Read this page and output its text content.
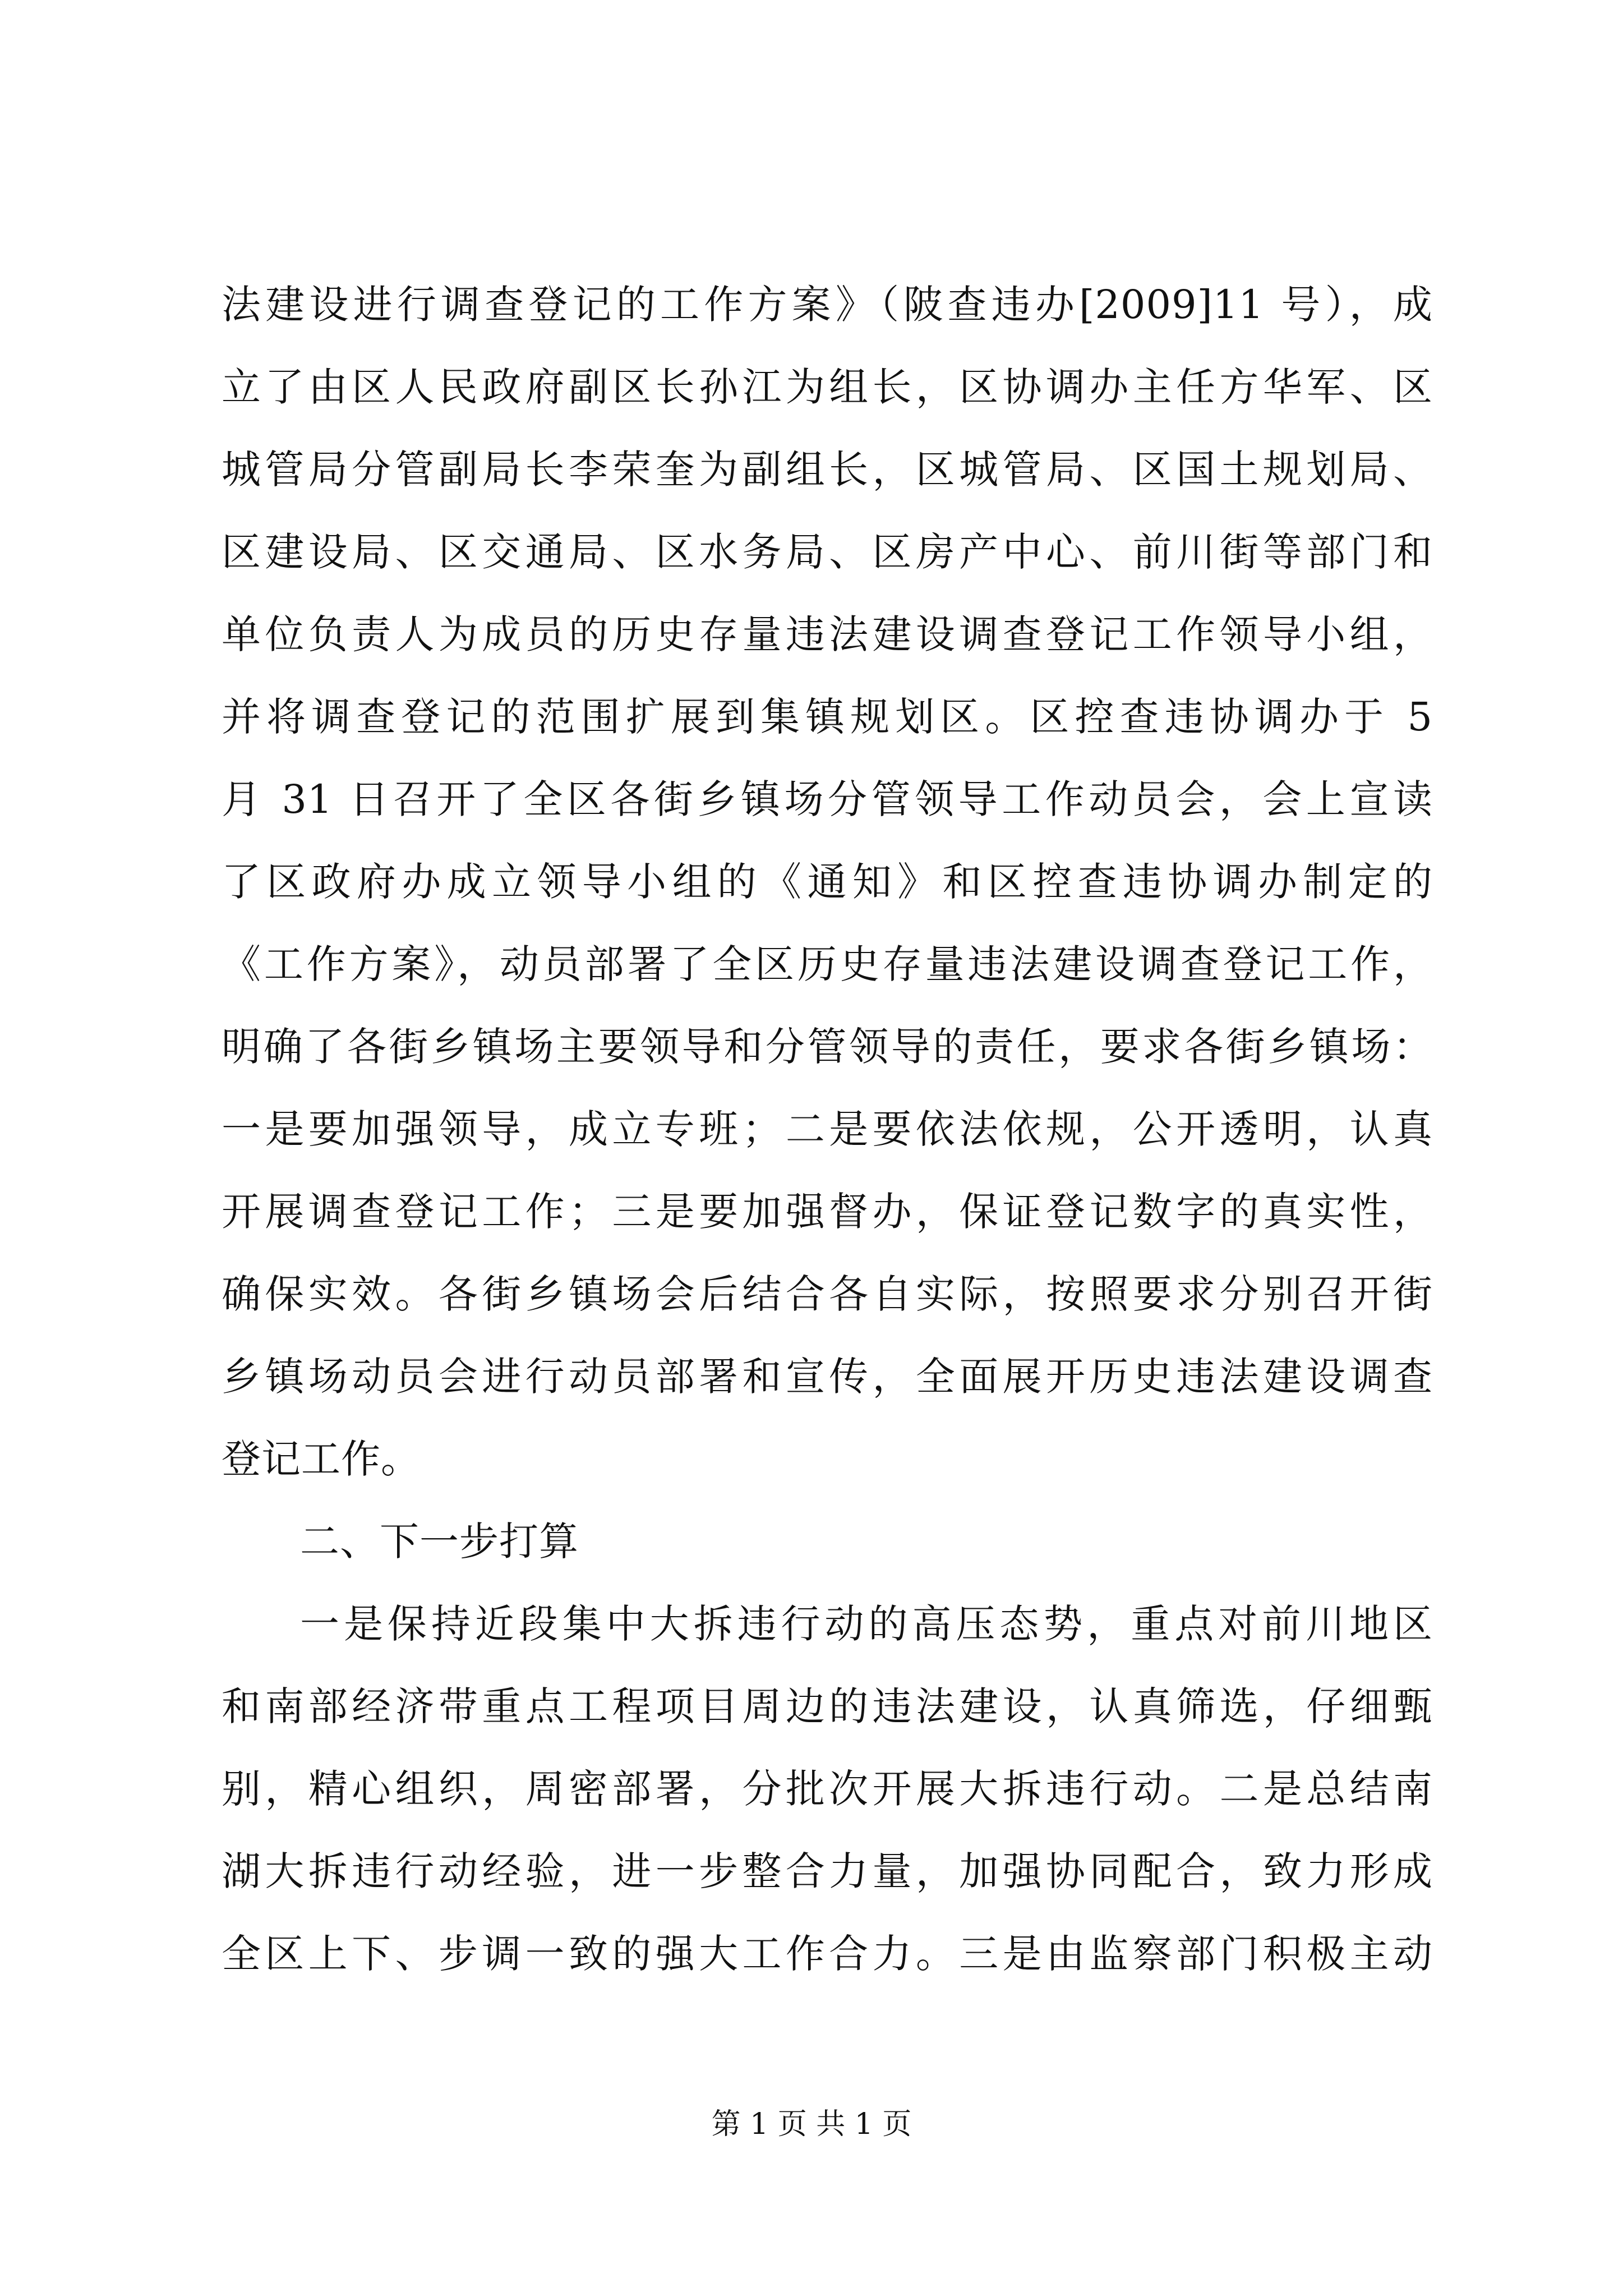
法建设进行调查登记的工作方案》（陂查违办[2009]11 号），成
立了由区人民政府副区长孙江为组长，区协调办主任方华军、区
城管局分管副局长李荣奎为副组长，区城管局、区国土规划局、
区建设局、区交通局、区水务局、区房产中心、前川街等部门和
单位负责人为成员的历史存量违法建设调查登记工作领导小组，
并将调查登记的范围扩展到集镇规划区。区控查违协调办于 5
月 31 日召开了全区各街乡镇场分管领导工作动员会，会上宣读
了区政府办成立领导小组的《通知》和区控查违协调办制定的
《工作方案》，动员部署了全区历史存量违法建设调查登记工作，
明确了各街乡镇场主要领导和分管领导的责任，要求各街乡镇场：
一是要加强领导，成立专班；二是要依法依规，公开透明，认真
开展调查登记工作；三是要加强督办，保证登记数字的真实性，
确保实效。各街乡镇场会后结合各自实际，按照要求分别召开街
乡镇场动员会进行动员部署和宣传，全面展开历史违法建设调查
登记工作。
二、下一步打算
一是保持近段集中大拆违行动的高压态势，重点对前川地区
和南部经济带重点工程项目周边的违法建设，认真筛选，仔细甄
别，精心组织，周密部署，分批次开展大拆违行动。二是总结南
湖大拆违行动经验，进一步整合力量，加强协同配合，致力形成
全区上下、步调一致的强大工作合力。三是由监察部门积极主动
第 1 页 共 1 页
